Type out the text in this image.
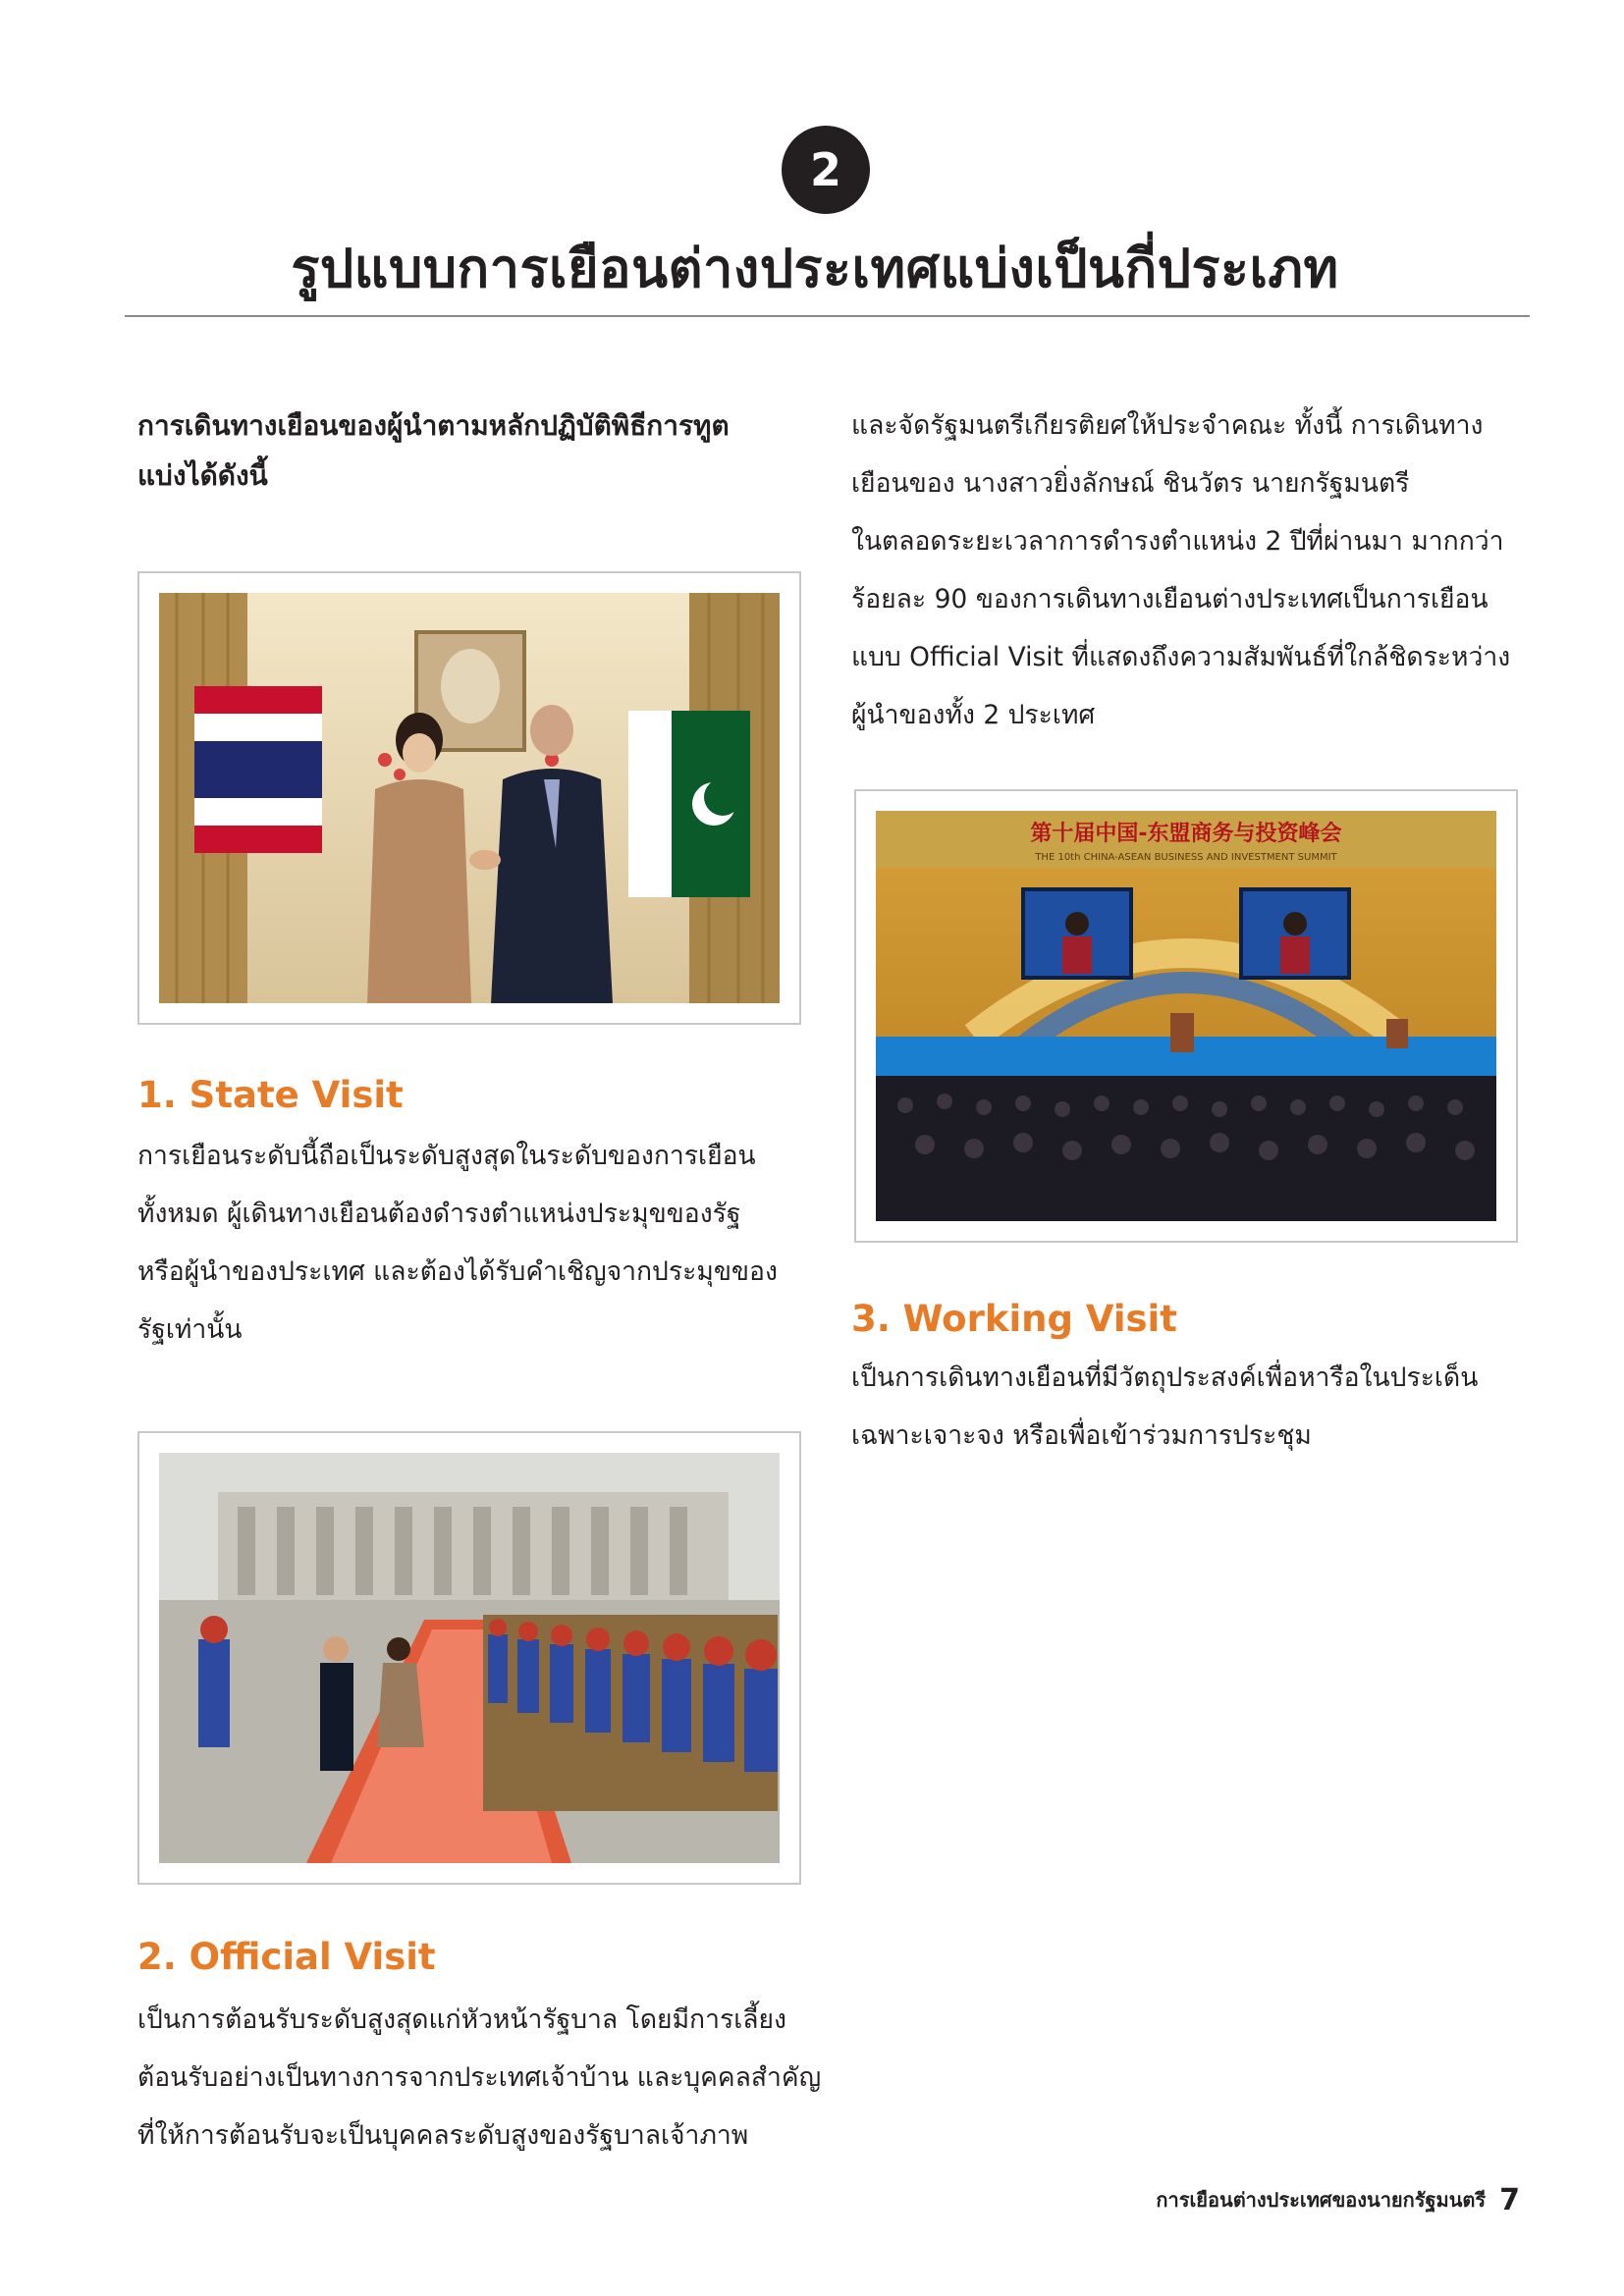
2
รูปแบบการเยือนต่างประเทศแบ่งเป็นกี่ประเภท
การเดินทางเยือนของผู้นำตามหลักปฏิบัติพิธีการทูต
แบ่งได้ดังนี้
1. State Visit

การเยือนระดับนี้ถือเป็นระดับสูงสุดในระดับของการเยือน

ทั้งหมด ผู้เดินทางเยือนต้องดำรงตำแหน่งประมุขของรัฐ

หรือผู้นำของประเทศ และต้องได้รับคำเชิญจากประมุขของ

รัฐเท่านั้น

2. Official Visit

เป็นการต้อนรับระดับสูงสุดแก่หัวหน้ารัฐบาล โดยมีการเลี้ยง

ต้อนรับอย่างเป็นทางการจากประเทศเจ้าบ้าน และบุคคลสำคัญ

ที่ให้การต้อนรับจะเป็นบุคคลระดับสูงของรัฐบาลเจ้าภาพ

และจัดรัฐมนตรีเกียรติยศให้ประจำคณะ ทั้งนี้ การเดินทาง

เยือนของ นางสาวยิ่งลักษณ์ ชินวัตร นายกรัฐมนตรี

ในตลอดระยะเวลาการดำรงตำแหน่ง 2 ปีที่ผ่านมา มากกว่า

ร้อยละ 90 ของการเดินทางเยือนต่างประเทศเป็นการเยือน

แบบ Official Visit ที่แสดงถึงความสัมพันธ์ที่ใกล้ชิดระหว่าง

ผู้นำของทั้ง 2 ประเทศ

第十届中国-东盟商务与投资峰会
THE 10th CHINA-ASEAN BUSINESS AND INVESTMENT SUMMIT
3. Working Visit

เป็นการเดินทางเยือนที่มีวัตถุประสงค์เพื่อหารือในประเด็น

เฉพาะเจาะจง หรือเพื่อเข้าร่วมการประชุม

การเยือนต่างประเทศของนายกรัฐมนตรี 7
